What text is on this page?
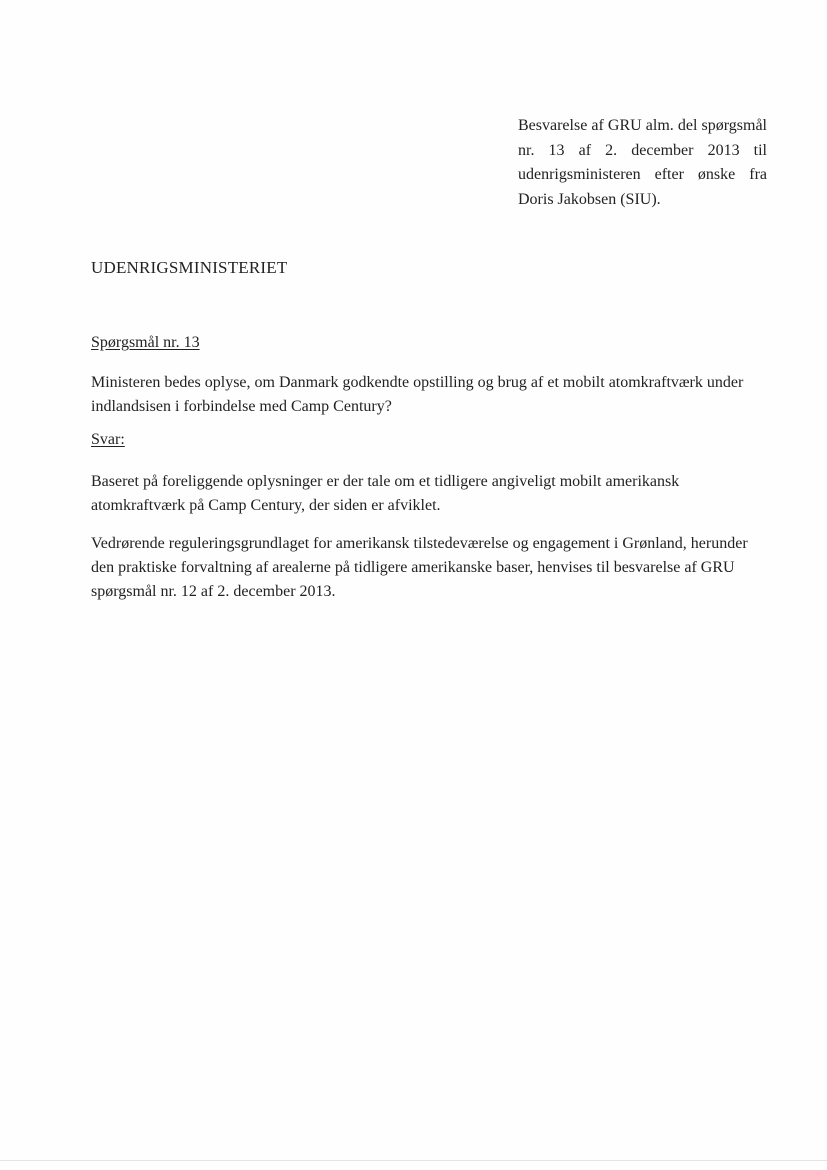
Besvarelse af GRU alm. del spørgsmål nr. 13 af 2. december 2013 til udenrigsministeren efter ønske fra Doris Jakobsen (SIU).
UDENRIGSMINISTERIET
Spørgsmål nr. 13
Ministeren bedes oplyse, om Danmark godkendte opstilling og brug af et mobilt atomkraftværk under indlandsisen i forbindelse med Camp Century?
Svar:
Baseret på foreliggende oplysninger er der tale om et tidligere angiveligt mobilt amerikansk atomkraftværk på Camp Century, der siden er afviklet.
Vedrørende reguleringsgrundlaget for amerikansk tilstedeværelse og engagement i Grønland, herunder den praktiske forvaltning af arealerne på tidligere amerikanske baser, henvises til besvarelse af GRU spørgsmål nr. 12 af 2. december 2013.
